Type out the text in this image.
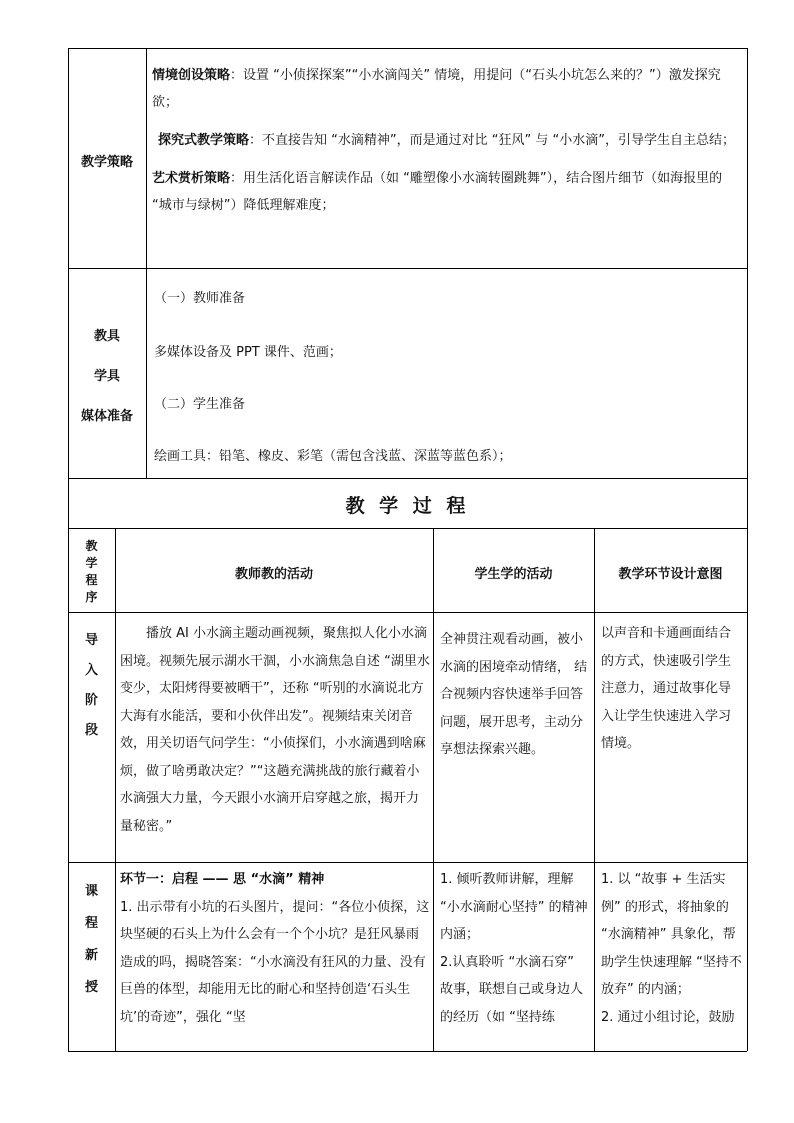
教学策略

情境创设策略：设置 “小侦探探案”“小水滴闯关” 情境，用提问（“石头小坑怎么来的？”）激发探究欲；

探究式教学策略：不直接告知 “水滴精神”，而是通过对比 “狂风” 与 “小水滴”，引导学生自主总结；

艺术赏析策略：用生活化语言解读作品（如 “雕塑像小水滴转圈跳舞”），结合图片细节（如海报里的 “城市与绿树”）降低理解难度；

教具
学具
媒体准备
（一）教师准备
多媒体设备及 PPT 课件、范画；
（二）学生准备
绘画工具：铅笔、橡皮、彩笔（需包含浅蓝、深蓝等蓝色系）；
教 学 过 程
教
学
程
序
教师教的活动	学生学的活动	教学环节设计意图
导
入
阶
段
播放 AI 小水滴主题动画视频，聚焦拟人化小水滴困境。视频先展示湖水干涸，小水滴焦急自述 “湖里水变少，太阳烤得要被晒干”，还称 “听别的水滴说北方大海有水能活，要和小伙伴出发”。视频结束关闭音效，用关切语气问学生：“小侦探们，小水滴遇到啥麻烦，做了啥勇敢决定？”“这趟充满挑战的旅行藏着小水滴强大力量，今天跟小水滴开启穿越之旅，揭开力量秘密。”
全神贯注观看动画，被小水滴的困境牵动情绪， 结合视频内容快速举手回答问题，展开思考，主动分享想法探索兴趣。
以声音和卡通画面结合的方式，快速吸引学生注意力，通过故事化导入让学生快速进入学习情境。
课
程
新
授
环节一：启程 —— 思 “水滴” 精神
1. 出示带有小坑的石头图片，提问：“各位小侦探，这块坚硬的石头上为什么会有一个个小坑？是狂风暴雨造成的吗，揭晓答案：“小水滴没有狂风的力量、没有巨兽的体型，却能用无比的耐心和坚持创造‘石头生坑’的奇迹”，强化 “坚
1. 倾听教师讲解，理解 “小水滴耐心坚持” 的精神内涵；
2.认真聆听 “水滴石穿” 故事，联想自己或身边人的经历（如 “坚持练
1. 以 “故事 + 生活实例” 的形式，将抽象的 “水滴精神” 具象化，帮助学生快速理解 “坚持不放弃” 的内涵；
2. 通过小组讨论，鼓励
